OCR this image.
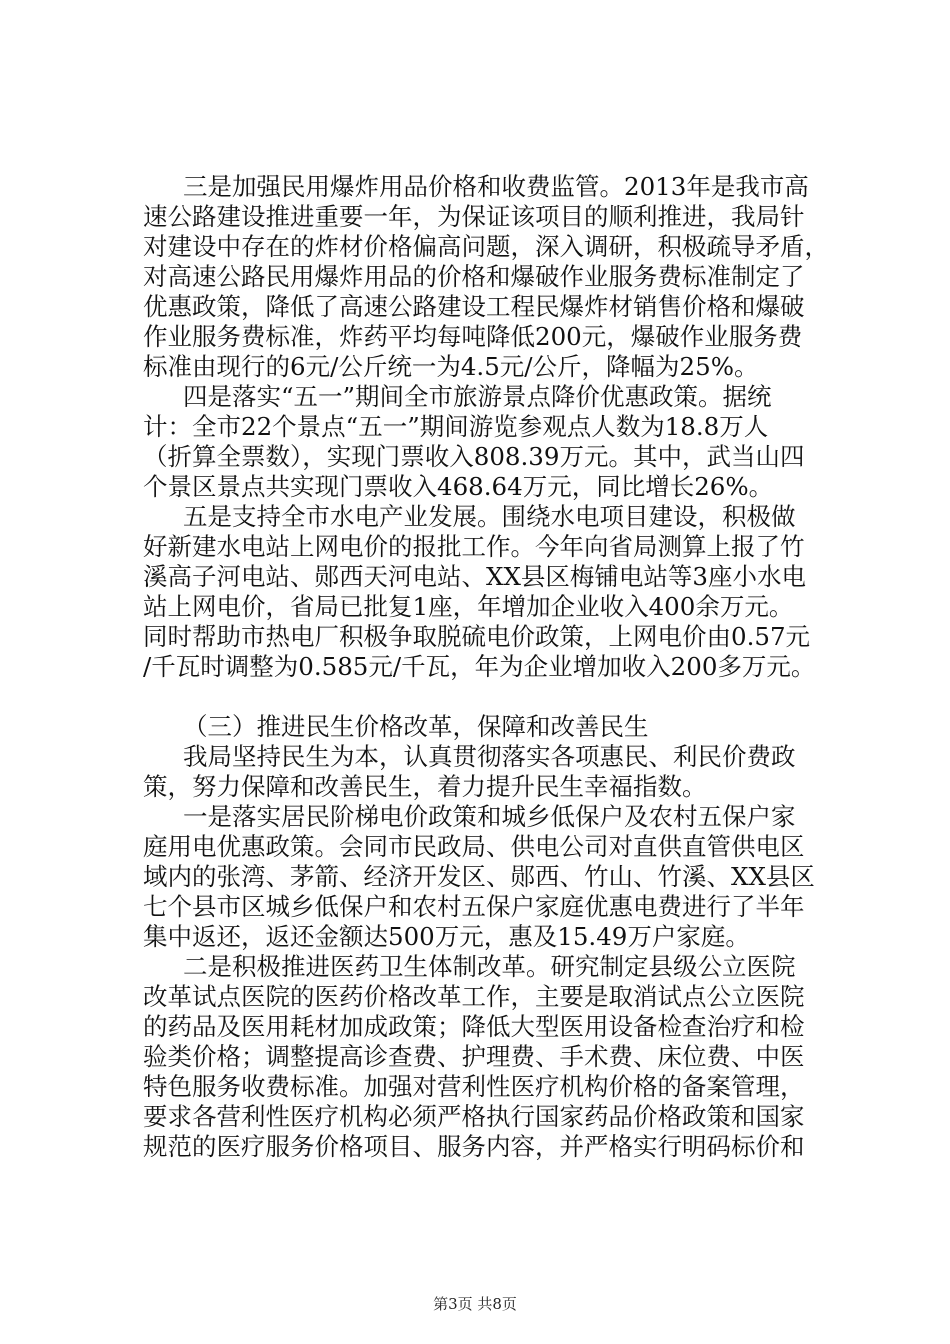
三是加强民用爆炸用品价格和收费监管。2013年是我市高
速公路建设推进重要一年，为保证该项目的顺利推进，我局针
对建设中存在的炸材价格偏高问题，深入调研，积极疏导矛盾，
对高速公路民用爆炸用品的价格和爆破作业服务费标准制定了
优惠政策，降低了高速公路建设工程民爆炸材销售价格和爆破
作业服务费标准，炸药平均每吨降低200元，爆破作业服务费
标准由现行的6元/公斤统一为4.5元/公斤，降幅为25%。
四是落实“五一”期间全市旅游景点降价优惠政策。据统
计：全市22个景点“五一”期间游览参观点人数为18.8万人
（折算全票数），实现门票收入808.39万元。其中，武当山四
个景区景点共实现门票收入468.64万元，同比增长26%。
五是支持全市水电产业发展。围绕水电项目建设，积极做
好新建水电站上网电价的报批工作。今年向省局测算上报了竹
溪高子河电站、郧西天河电站、XX县区梅铺电站等3座小水电
站上网电价，省局已批复1座，年增加企业收入400余万元。
同时帮助市热电厂积极争取脱硫电价政策，上网电价由0.57元
/千瓦时调整为0.585元/千瓦，年为企业增加收入200多万元。
（三）推进民生价格改革，保障和改善民生
我局坚持民生为本，认真贯彻落实各项惠民、利民价费政
策，努力保障和改善民生，着力提升民生幸福指数。
一是落实居民阶梯电价政策和城乡低保户及农村五保户家
庭用电优惠政策。会同市民政局、供电公司对直供直管供电区
域内的张湾、茅箭、经济开发区、郧西、竹山、竹溪、XX县区
七个县市区城乡低保户和农村五保户家庭优惠电费进行了半年
集中返还，返还金额达500万元，惠及15.49万户家庭。
二是积极推进医药卫生体制改革。研究制定县级公立医院
改革试点医院的医药价格改革工作，主要是取消试点公立医院
的药品及医用耗材加成政策；降低大型医用设备检查治疗和检
验类价格；调整提高诊查费、护理费、手术费、床位费、中医
特色服务收费标准。加强对营利性医疗机构价格的备案管理，
要求各营利性医疗机构必须严格执行国家药品价格政策和国家
规范的医疗服务价格项目、服务内容，并严格实行明码标价和
第3页 共8页
